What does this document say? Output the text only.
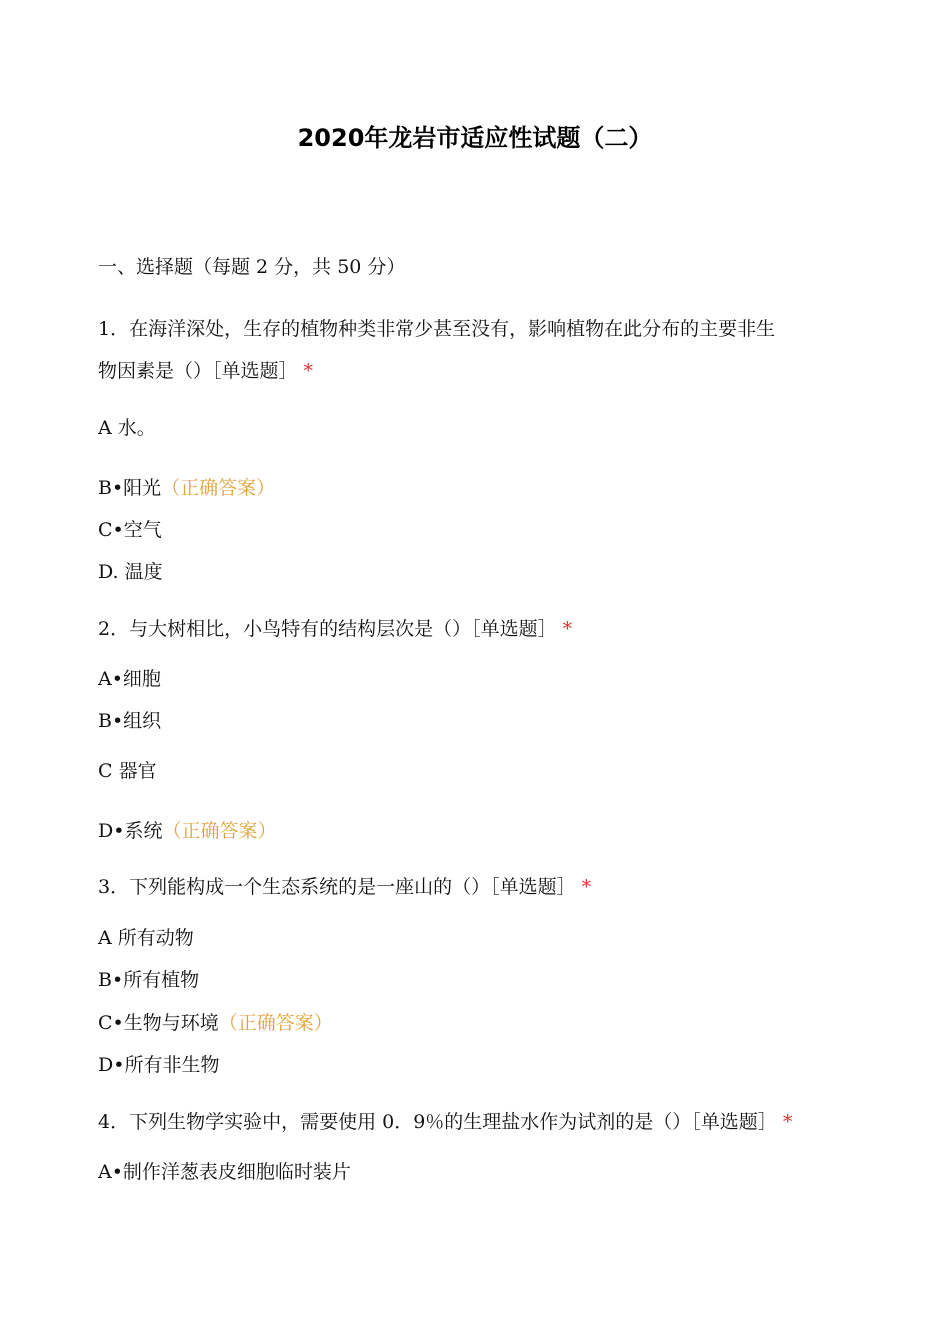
2020年龙岩市适应性试题（二）
一、选择题（每题 2 分，共 50 分）
1．在海洋深处，生存的植物种类非常少甚至没有，影响植物在此分布的主要非生
物因素是（）［单选题］ *
A 水。
B•阳光（正确答案）
C•空气
D. 温度
2．与大树相比，小鸟特有的结构层次是（）［单选题］ *
A•细胞
B•组织
C 器官
D•系统（正确答案）
3．下列能构成一个生态系统的是一座山的（）［单选题］ *
A 所有动物
B•所有植物
C•生物与环境（正确答案）
D•所有非生物
4．下列生物学实验中，需要使用 0．9％的生理盐水作为试剂的是（）［单选题］ *
A•制作洋葱表皮细胞临时装片
